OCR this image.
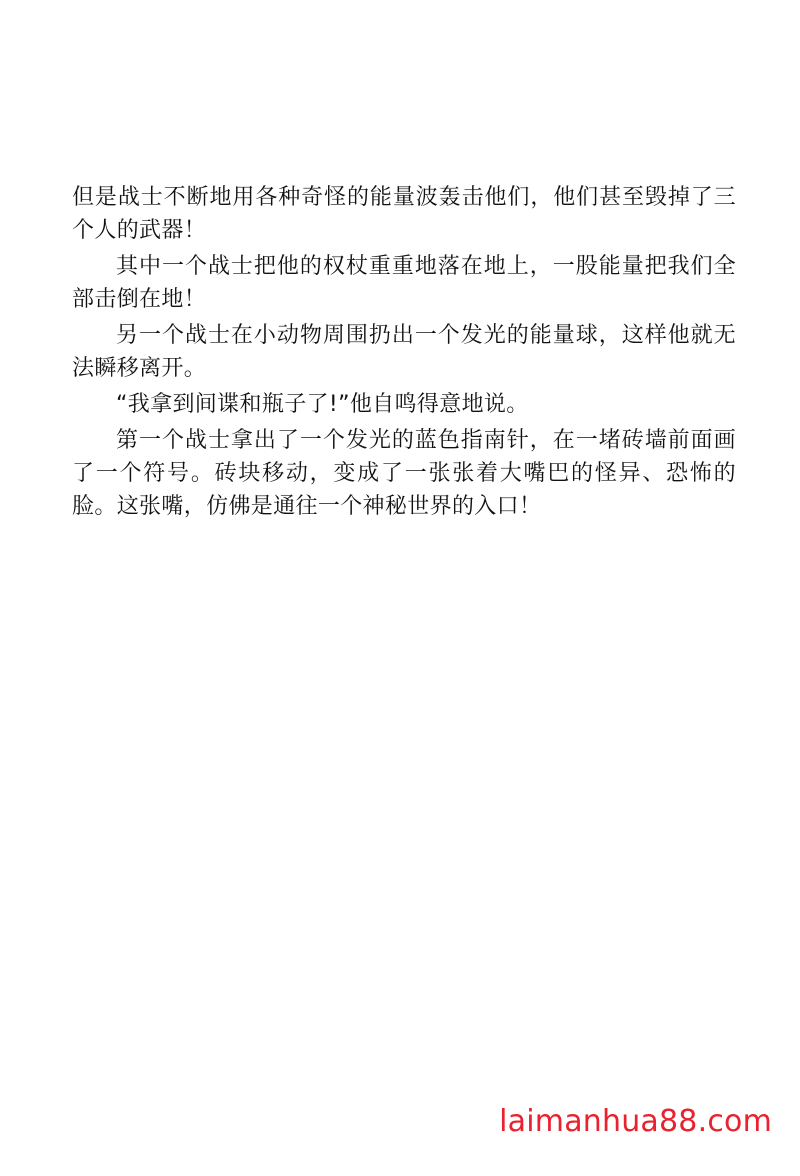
但是战士不断地用各种奇怪的能量波轰击他们，他们甚至毁掉了三个人的武器！

其中一个战士把他的权杖重重地落在地上，一股能量把我们全部击倒在地！

另一个战士在小动物周围扔出一个发光的能量球，这样他就无法瞬移离开。

“我拿到间谍和瓶子了!”他自鸣得意地说。

第一个战士拿出了一个发光的蓝色指南针，在一堵砖墙前面画了一个符号。砖块移动，变成了一张张着大嘴巴的怪异、恐怖的脸。这张嘴，仿佛是通往一个神秘世界的入口！

laimanhua88.com
